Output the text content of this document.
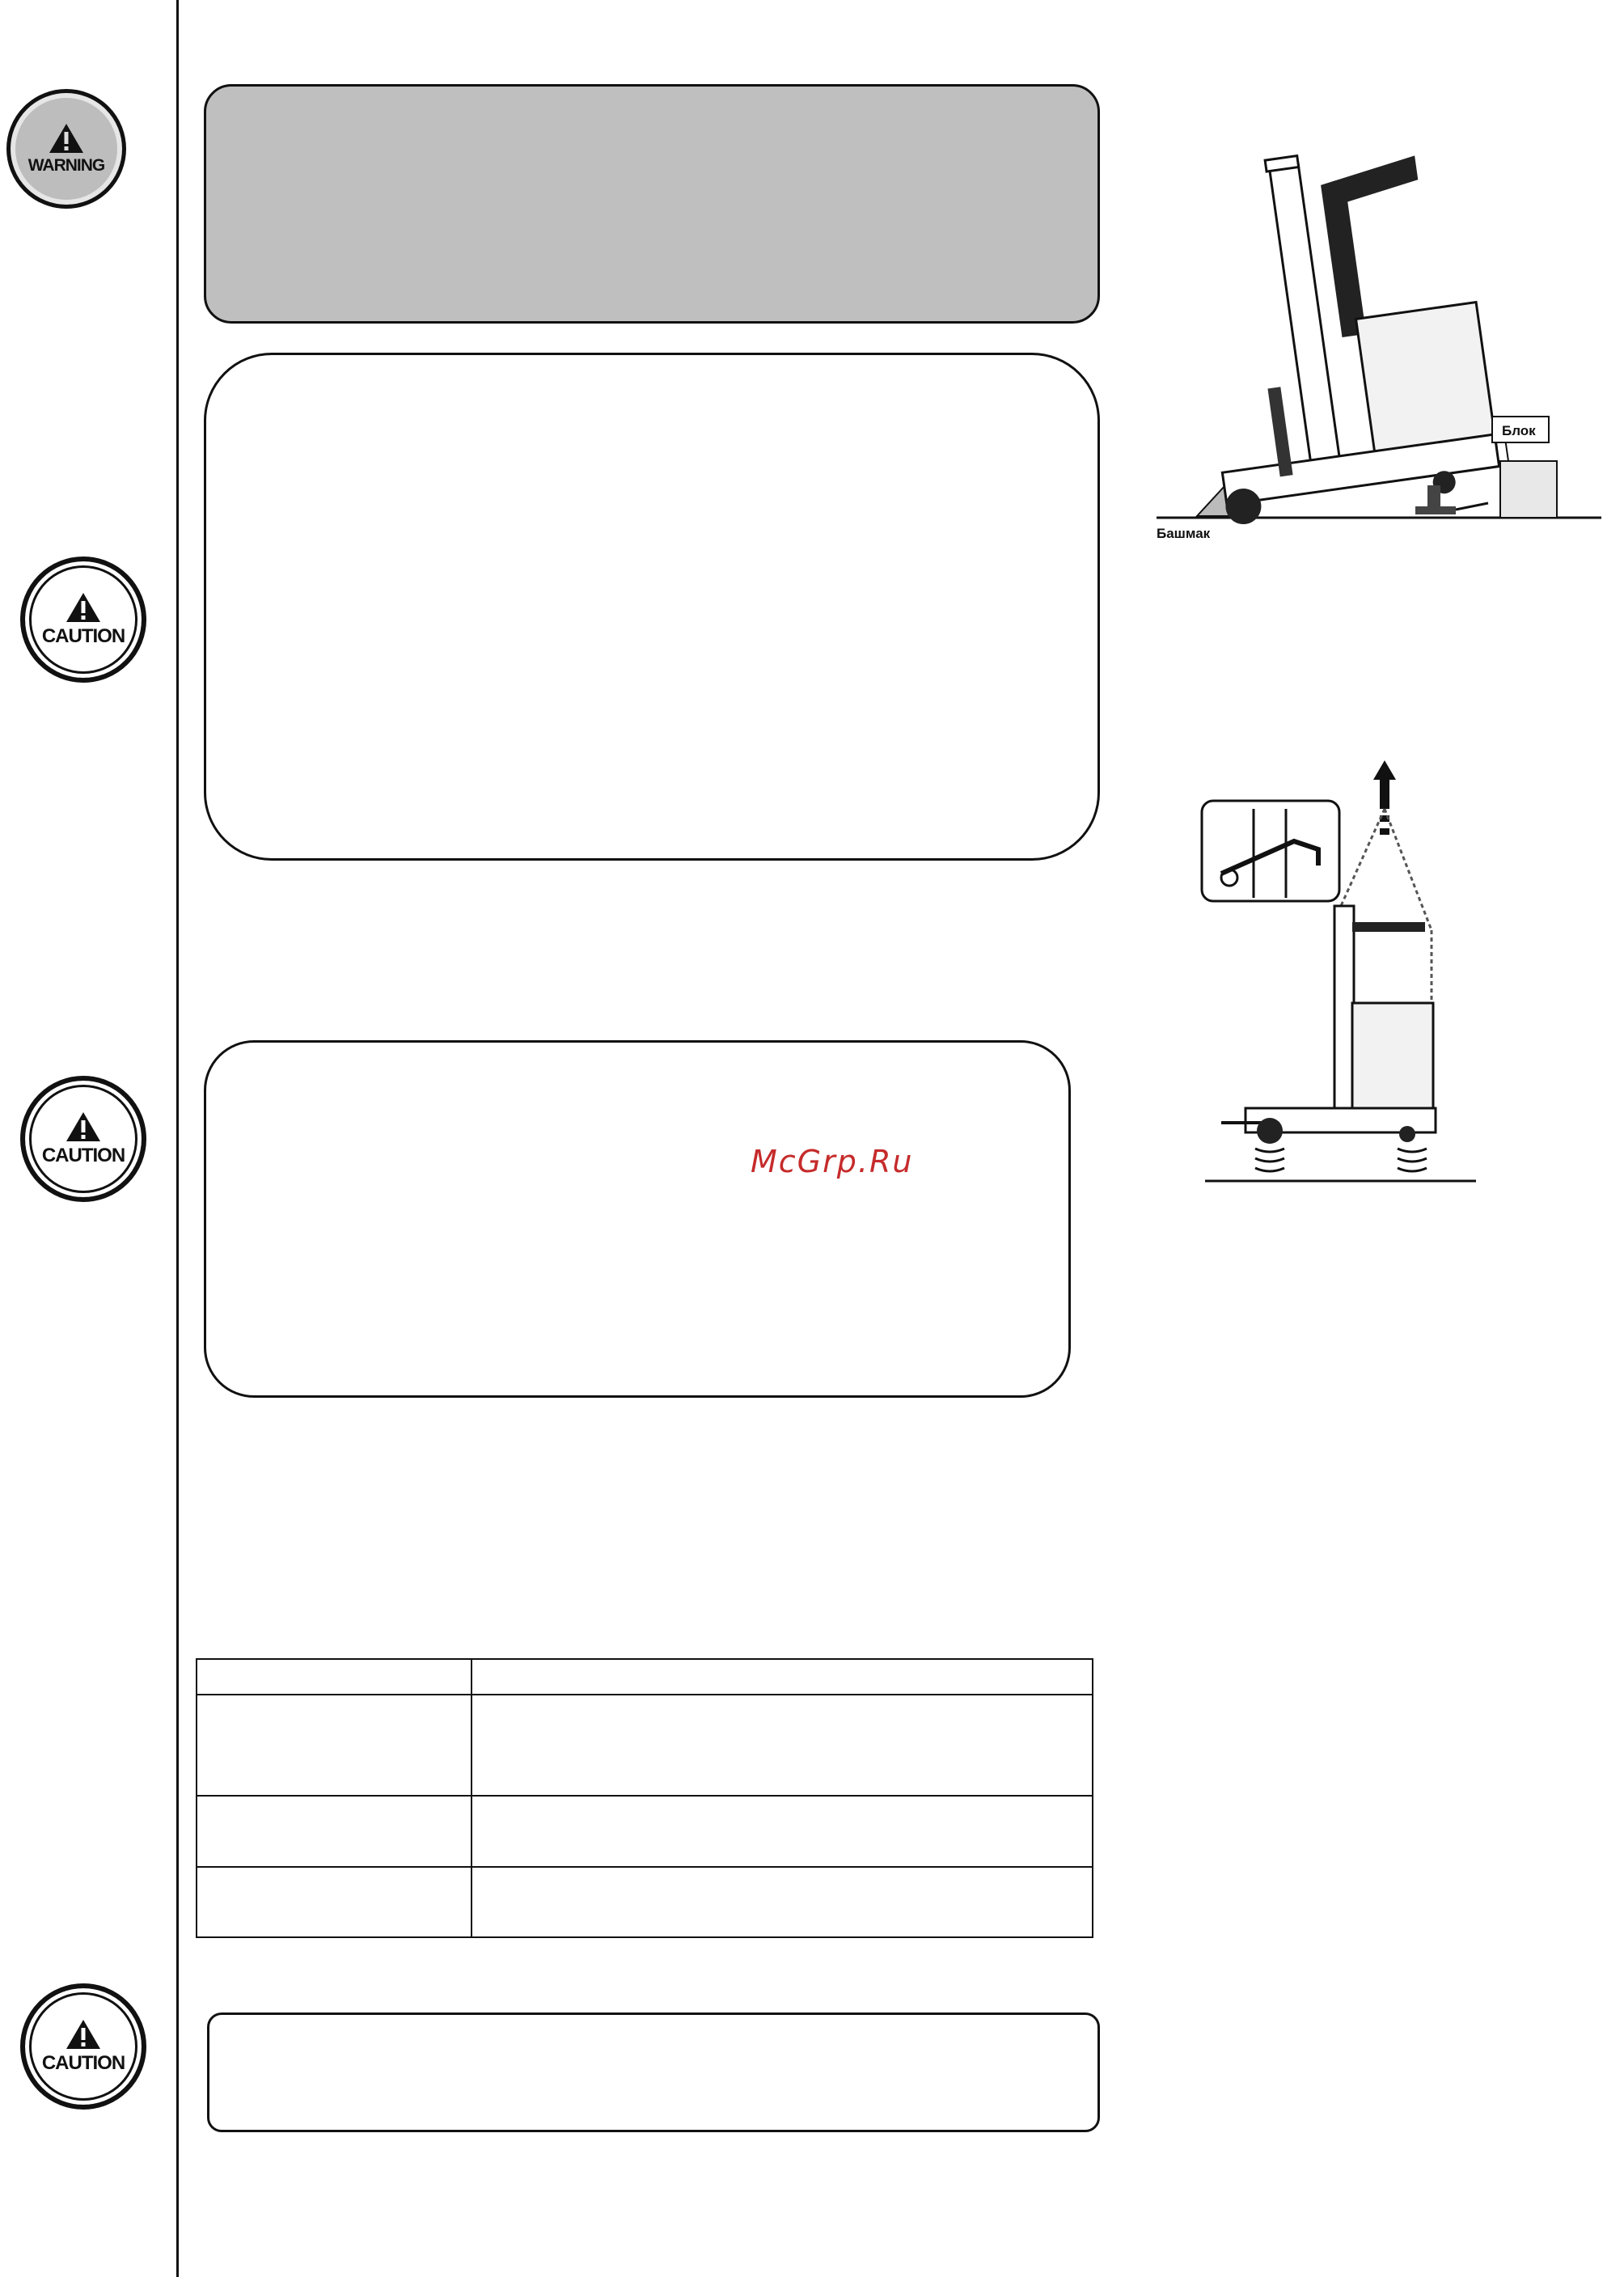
WARNING
CAUTION
CAUTION
CAUTION
McGrp.Ru

Блок
Башмак
